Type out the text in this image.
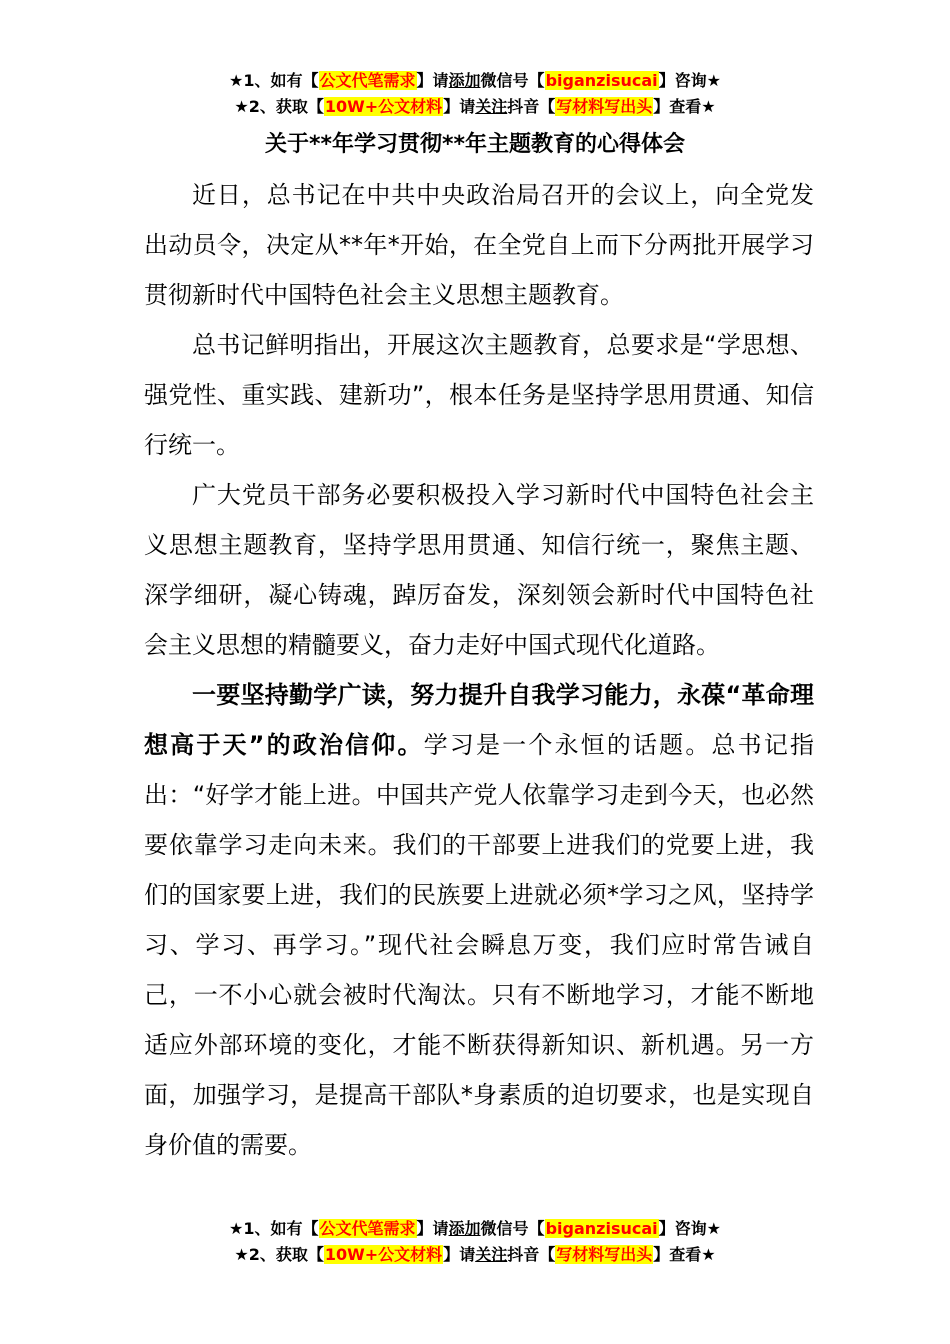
★1、如有【公文代笔需求】请添加微信号【biganzisucai】咨询★
★2、获取【10W+公文材料】请关注抖音【写材料写出头】查看★
关于**年学习贯彻**年主题教育的心得体会

近日，总书记在中共中央政治局召开的会议上，向全党发出动员令，决定从**年*开始，在全党自上而下分两批开展学习贯彻新时代中国特色社会主义思想主题教育。

总书记鲜明指出，开展这次主题教育，总要求是“学思想、强党性、重实践、建新功”，根本任务是坚持学思用贯通、知信行统一。

广大党员干部务必要积极投入学习新时代中国特色社会主义思想主题教育，坚持学思用贯通、知信行统一，聚焦主题、深学细研，凝心铸魂，踔厉奋发，深刻领会新时代中国特色社会主义思想的精髓要义，奋力走好中国式现代化道路。

一要坚持勤学广读，努力提升自我学习能力，永葆“革命理想高于天”的政治信仰。学习是一个永恒的话题。总书记指出：“好学才能上进。中国共产党人依靠学习走到今天，也必然要依靠学习走向未来。我们的干部要上进我们的党要上进，我们的国家要上进，我们的民族要上进就必须*学习之风，坚持学习、学习、再学习。”现代社会瞬息万变，我们应时常告诫自己，一不小心就会被时代淘汰。只有不断地学习，才能不断地适应外部环境的变化，才能不断获得新知识、新机遇。另一方面，加强学习，是提高干部队*身素质的迫切要求，也是实现自身价值的需要。

★1、如有【公文代笔需求】请添加微信号【biganzisucai】咨询★
★2、获取【10W+公文材料】请关注抖音【写材料写出头】查看★
